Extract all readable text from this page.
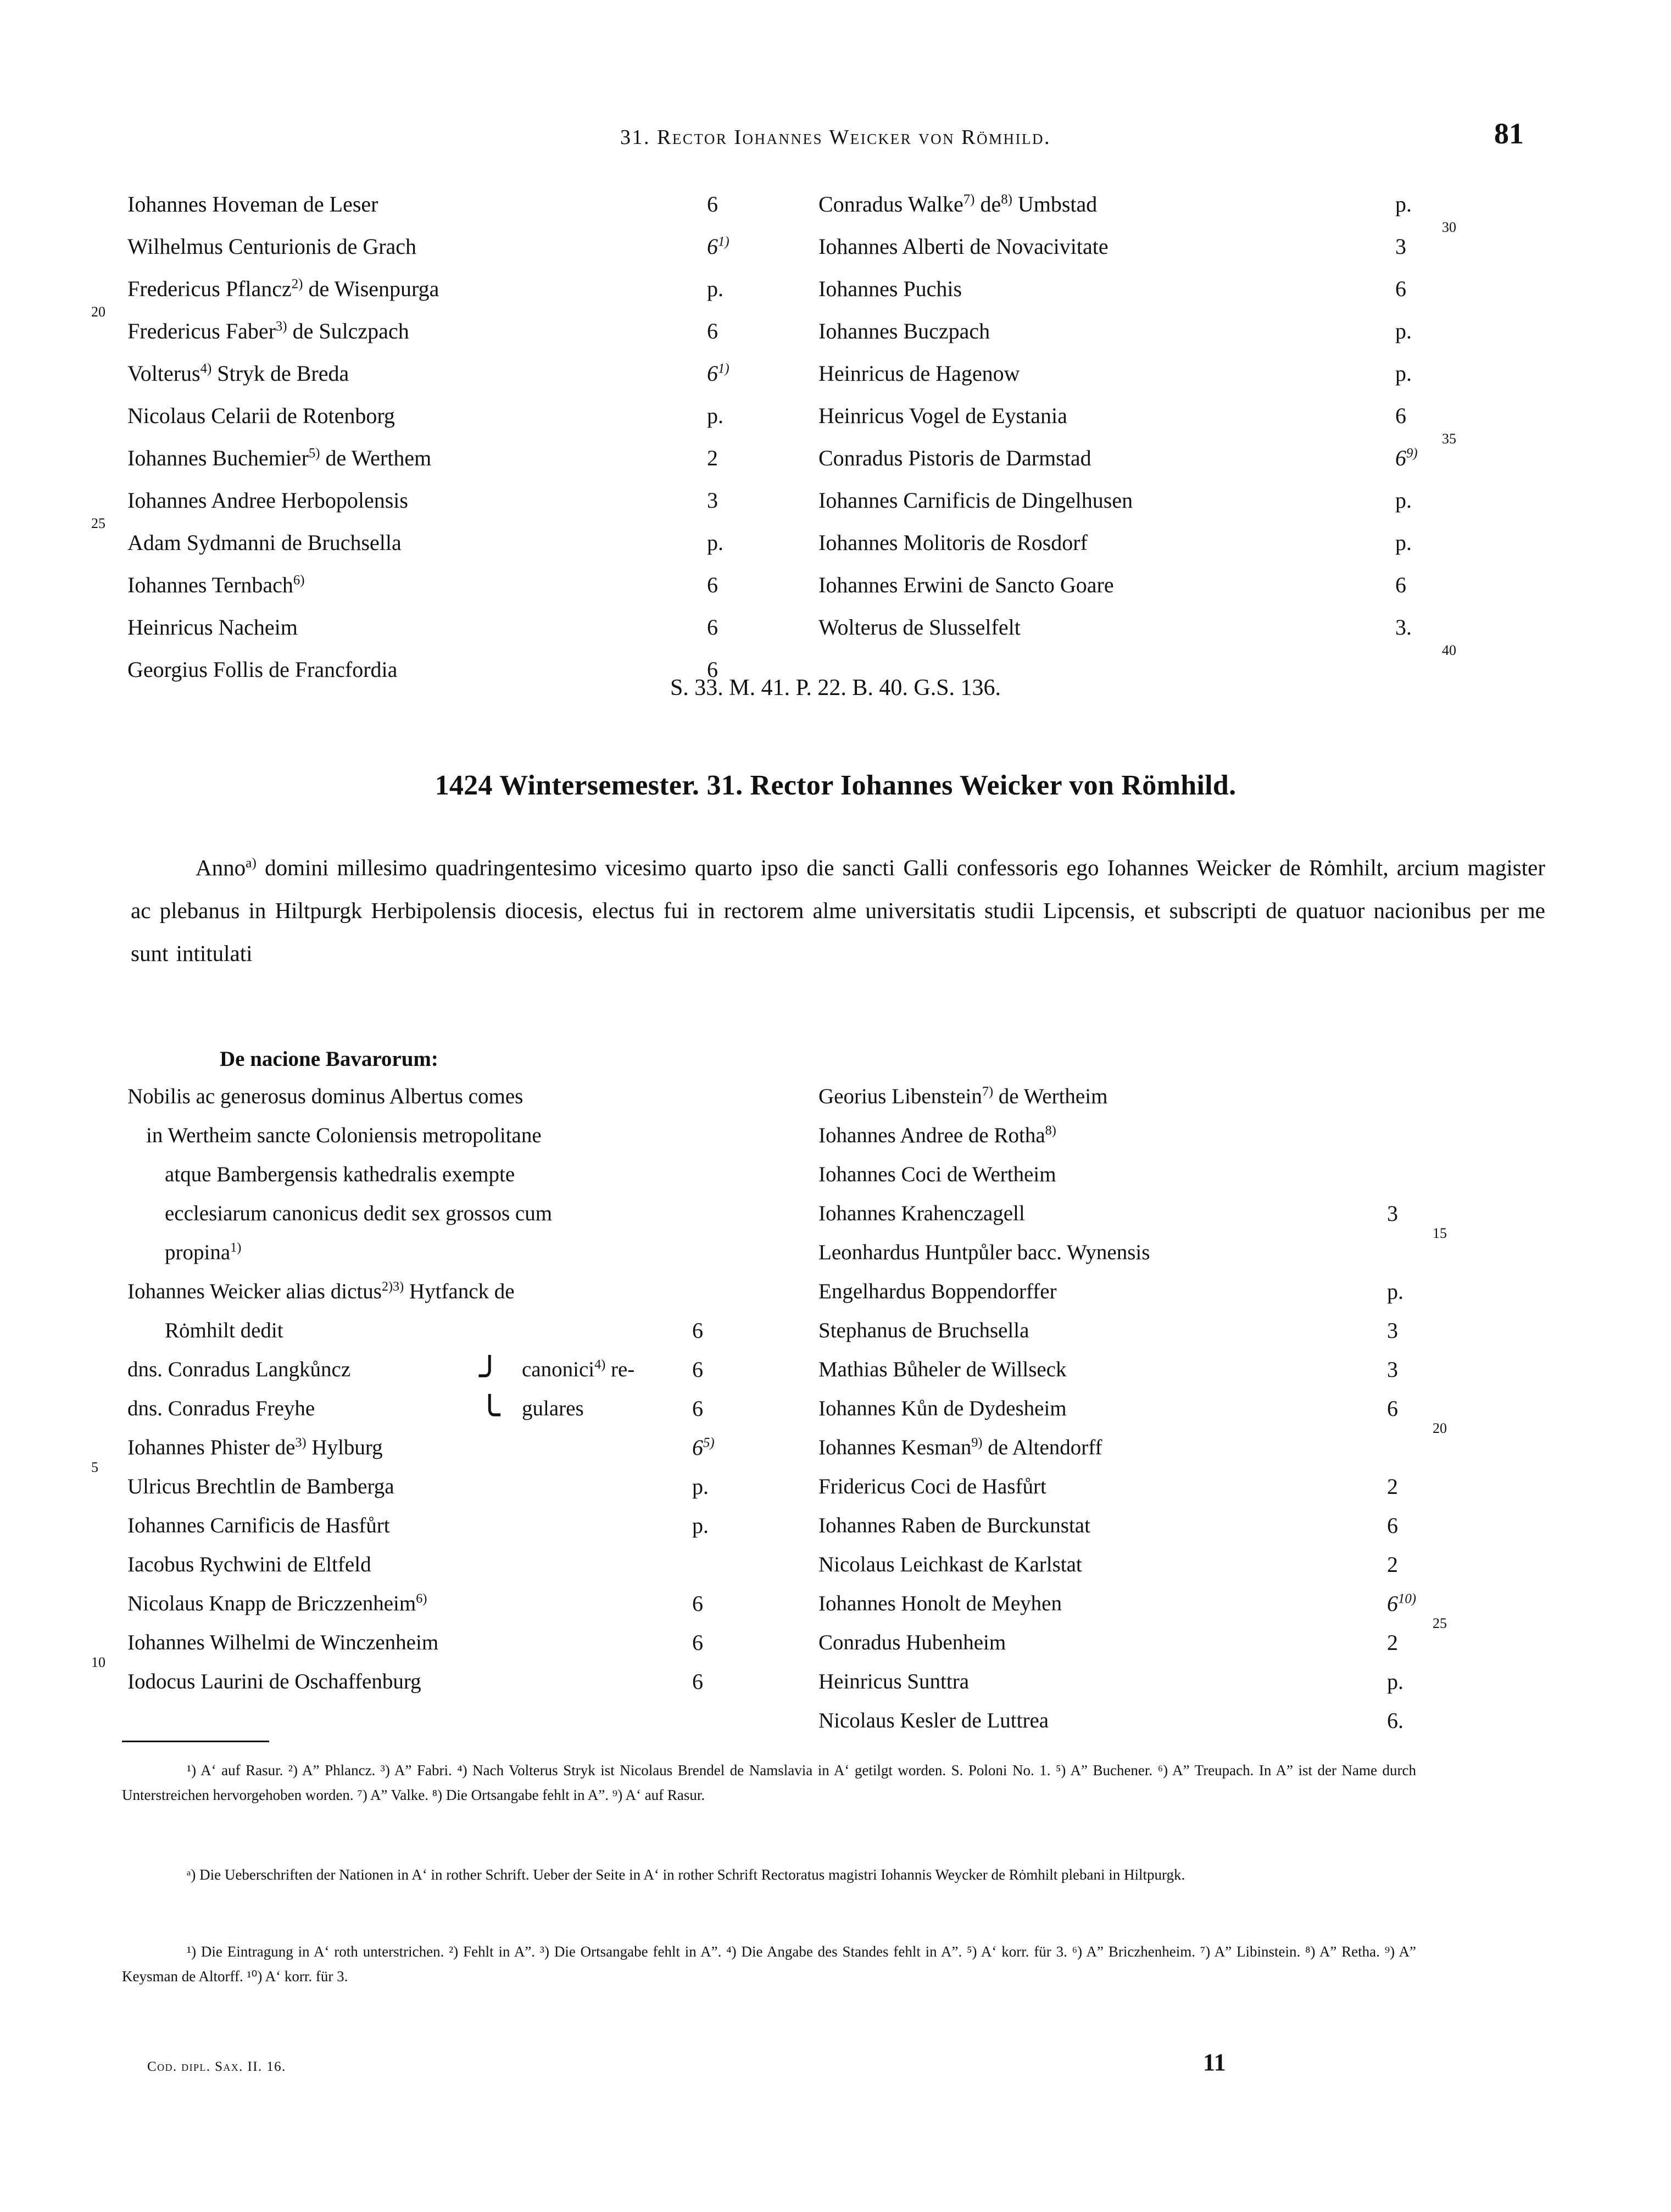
31. Rector Iohannes Weicker von Römhild.	81
Iohannes Hoveman de Leser	6
Wilhelmus Centurionis de Grach	6$^{1)}$
20
Fredericus Pflancz$^{2)}$ de Wisenpurga	p.
Fredericus Faber$^{3)}$ de Sulczpach	6
Volterus$^{4)}$ Stryk de Breda	6$^{1)}$
Nicolaus Celarii de Rotenborg	p.
Iohannes Buchemier$^{5)}$ de Werthem	2
25
Iohannes Andree Herbopolensis	3
Adam Sydmanni de Bruchsella	p.
Iohannes Ternbach$^{6)}$	6
Heinricus Nacheim	6
Georgius Follis de Francfordia	6
Conradus Walke$^{7)}$ $de^{8)}$ Umbstad	p.
30
Iohannes Alberti de Novacivitate	3
Iohannes Puchis	6
Iohannes Buczpach	p.
Heinricus de Hagenow	p.
Heinricus Vogel de Eystania	6
35
Conradus Pistoris de Darmstad	6$^{9)}$
Iohannes Carnificis de Dingelhusen	p.
Iohannes Molitoris de Rosdorf	p.
Iohannes Erwini de Sancto Goare	6
Wolterus de Slusselfelt	3.
40
S. 33. M. 41. P. 22. B. 40. G.S. 136.
1424 Wintersemester. 31. Rector Iohannes Weicker von Römhild.
Anno$^{a)}$ domini millesimo quadringentesimo vicesimo quarto ipso die sancti Galli confessoris ego Iohannes Weicker de Rȯmhilt, arcium magister ac plebanus in Hiltpurgk Herbipolensis diocesis, electus fui in rectorem alme universitatis studii Lipcensis, et subscripti de quatuor nacionibus per me sunt intitulati
De nacione Bavarorum:
Nobilis ac generosus dominus Albertus comes
in Wertheim sancte Coloniensis metropolitane
atque Bambergensis kathedralis exempte
ecclesiarum canonicus dedit sex grossos cum
propina$^{1)}$
Iohannes Weicker alias dictus$^{2)3)}$ Hytfanck de
Rȯmhilt dedit	6
dns. Conradus Langkůncz	╯ canonici$^{4)}$ re-	6
dns. Conradus Freyhe	╰ gulares	6
5
Iohannes Phister $de^{3)}$ Hylburg	6$^{5)}$
Ulricus Brechtlin de Bamberga	p.
Iohannes Carnificis de Hasfůrt	p.
Iacobus Rychwini de Eltfeld
Nicolaus Knapp de Briczzenheim$^{6)}$	6
10
Iohannes Wilhelmi de Winczenheim	6
Iodocus Laurini de Oschaffenburg	6
Georius Libenstein$^{7)}$ de Wertheim
Iohannes Andree de Rotha$^{8)}$
Iohannes Coci de Wertheim
Iohannes Krahenczagell	3
15
Leonhardus Huntpůler bacc. Wynensis
Engelhardus Boppendorffer	p.
Stephanus de Bruchsella	3
Mathias Bůheler de Willseck	3
Iohannes Kůn de Dydesheim	6
20
Iohannes Kesman$^{9)}$ de Altendorff
Fridericus Coci de Hasfůrt	2
Iohannes Raben de Burckunstat	6
Nicolaus Leichkast de Karlstat	2
Iohannes Honolt de Meyhen	6$^{10)}$
25
Conradus Hubenheim	2
Heinricus Sunttra	p.
Nicolaus Kesler de Luttrea	6.
¹) A‘ auf Rasur. ²) A” Phlancz. ³) A” Fabri. ⁴) Nach Volterus Stryk ist Nicolaus Brendel de Namslavia in A‘ getilgt worden. S. Poloni No. 1. ⁵) A” Buchener. ⁶) A” Treupach. In A” ist der Name durch Unterstreichen hervorgehoben worden. ⁷) A” Valke. ⁸) Die Ortsangabe fehlt in A”. ⁹) A‘ auf Rasur.
ᵃ) Die Ueberschriften der Nationen in A‘ in rother Schrift. Ueber der Seite in A‘ in rother Schrift Rectoratus magistri Iohannis Weycker de Rȯmhilt plebani in Hiltpurgk.
¹) Die Eintragung in A‘ roth unterstrichen. ²) Fehlt in A”. ³) Die Ortsangabe fehlt in A”. ⁴) Die Angabe des Standes fehlt in A”. ⁵) A‘ korr. für 3. ⁶) A” Briczhenheim. ⁷) A” Libinstein. ⁸) A” Retha. ⁹) A” Keysman de Altorff. ¹⁰) A‘ korr. für 3.
Cod. dipl. Sax. II. 16.	11
